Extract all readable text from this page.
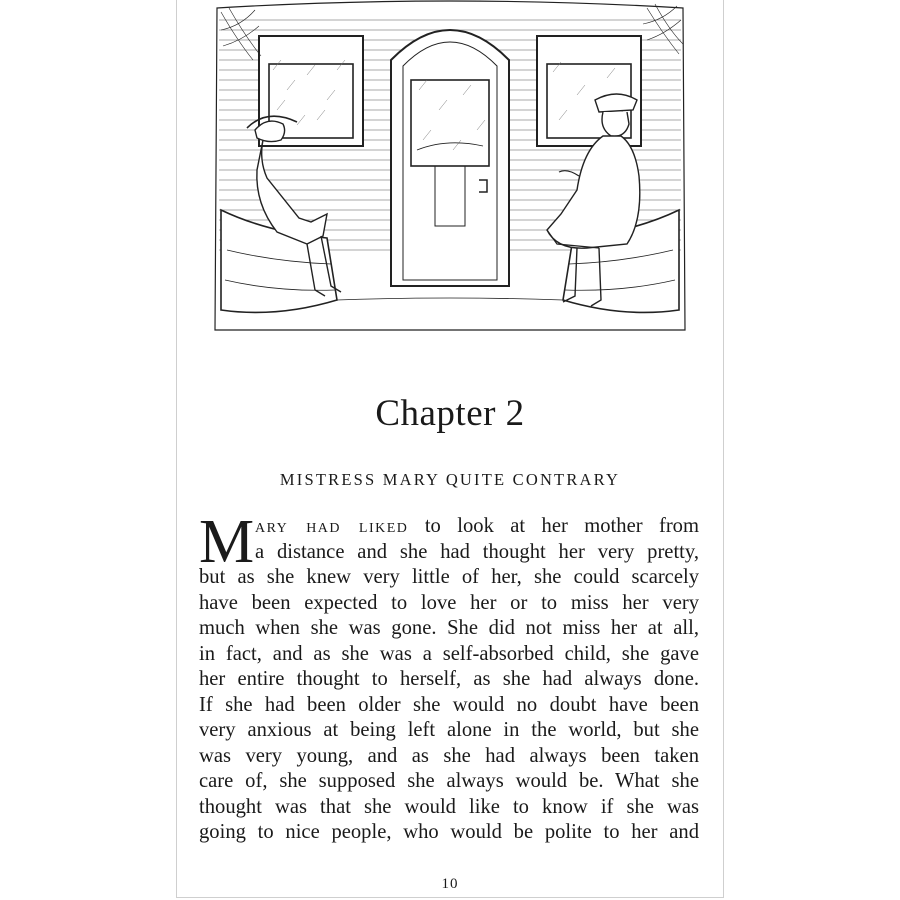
Chapter 2
MISTRESS MARY QUITE CONTRARY
M ary had liked to look at her mother from
a distance and she had thought her very pretty,
but as she knew very little of her, she could scarcely
have been expected to love her or to miss her very
much when she was gone. She did not miss her at all,
in fact, and as she was a self-absorbed child, she gave
her entire thought to herself, as she had always done.
If she had been older she would no doubt have been
very anxious at being left alone in the world, but she
was very young, and as she had always been taken
care of, she supposed she always would be. What she
thought was that she would like to know if she was
going to nice people, who would be polite to her and
10
